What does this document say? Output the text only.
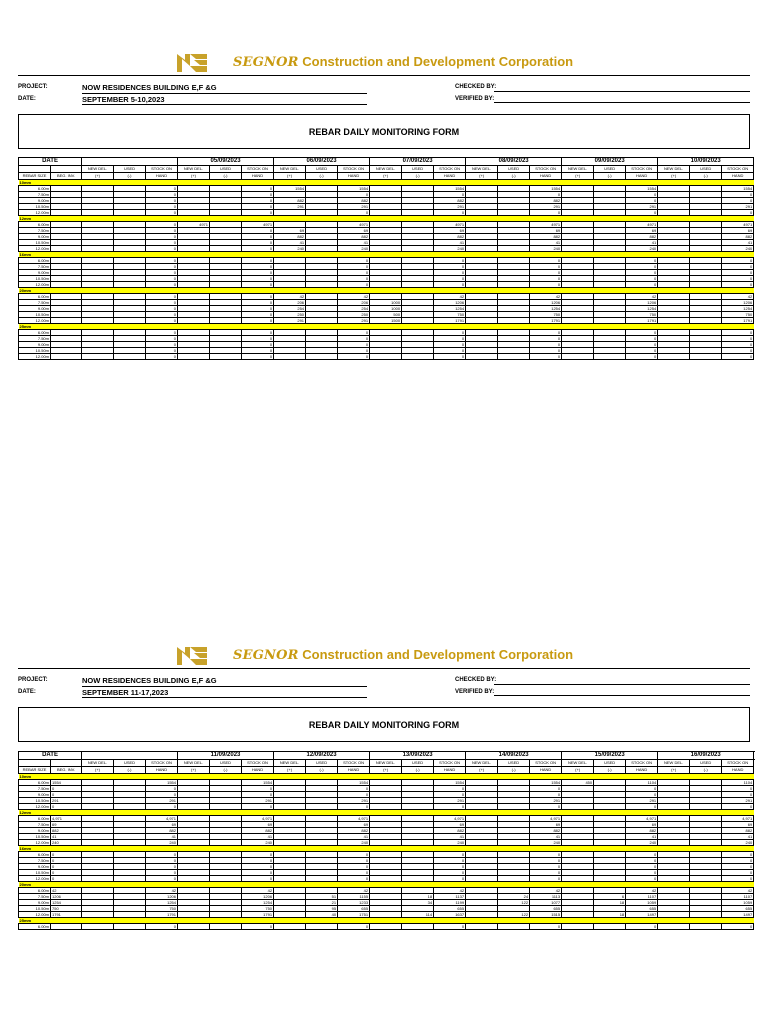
SEGNOR Construction and Development Corporation
PROJECT:	NOW RESIDENCES BUILDING E,F &G
DATE:	SEPTEMBER 5-10,2023
CHECKED BY:
VERIFIED BY:
REBAR DAILY MONITORING FORM
DATE					05/09/2023			06/09/2023			07/09/2023			08/09/2023			09/09/2023			10/09/2023		
		NEW DEL.	USED	STOCK ON	NEW DEL.	USED	STOCK ON	NEW DEL.	USED	STOCK ON	NEW DEL.	USED	STOCK ON	NEW DEL.	USED	STOCK ON	NEW DEL.	USED	STOCK ON	NEW DEL.	USED	STOCK ON
REBAR SIZE	BEG. INV.	(+)	(-)	HAND	(+)	(-)	HAND	(+)	(-)	HAND	(+)	(-)	HAND	(+)	(-)	HAND	(+)	(-)	HAND	(+)	(-)	HAND
10mm																						
6.00m				0			0	1554		1554			1554			1554			1554			1554
7.50m				0			0			0			0			0			0			0
9.00m				0			0	882		882			882			882			0			0
10.50m				0			0	291		291			291			291			291			291
12.00m				0			0			0			0			0			0			0
12mm																						
6.00m				0	4971		4971			4971			4971			4971			4971			4971
7.50m				0			0	69		69			69			69			69			69
9.00m				0			0	882		882			882			882			882			882
10.50m				0			0	41		41			41			41			41			41
12.00m				0			0	240		240			240			240			240			240
16mm																						
6.00m				0			0			0			0			0			0			0
7.50m				0			0			0			0			0			0			0
9.00m				0			0			0			0			0			0			0
10.50m				0			0			0			0			0			0			0
12.00m				0			0			0			0			0			0			0
20mm																						
6.00m				0			0	42		42			42			42			42			42
7.50m				0			0	206		206	1000		1206			1206			1206			1206
9.00m				0			0	254		254	1000		1254			1254			1254			1254
10.50m				0			0	250		250	500		750			750			750			750
12.00m				0			0	291		291	1500		1791			1791			1791			1791
25mm																						
6.00m				0			0			0			0			0			0			0
7.50m				0			0			0			0			0			0			0
9.00m				0			0			0			0			0			0			0
10.50m				0			0			0			0			0			0			0
12.00m				0			0			0			0			0			0			0
SEGNOR Construction and Development Corporation
PROJECT:	NOW RESIDENCES BUILDING E,F &G
DATE:	SEPTEMBER 11-17,2023
CHECKED BY:
VERIFIED BY:
REBAR DAILY MONITORING FORM
DATE					11/09/2023			12/09/2023			13/09/2023			14/09/2023			15/09/2023			16/09/2023	
		NEW DEL.	USED	STOCK ON	NEW DEL.	USED	STOCK ON	NEW DEL.	USED	STOCK ON	NEW DEL.	USED	STOCK ON	NEW DEL.	USED	STOCK ON	NEW DEL.	USED	STOCK ON	NEW DEL.	USED	STOCK ON	
REBAR SIZE	BEG. INV.	(+)	(-)	HAND	(+)	(-)	HAND	(+)	(-)	HAND	(+)	(-)	HAND	(+)	(-)	HAND	(+)	(-)	HAND	(+)	(-)	HAND	
10mm																							
6.00m	1554			1554			1554			1554			1554			1554	450		1104			1104	
7.50m	0			0			0			0			0			0			0			0	
9.00m	0			0			0			0			0			0			0			0	
10.50m	291			291			291			291			291			291			291			291	
12.00m	0			0			0			0			0			0			0			0	
12mm																							
6.00m	4,971			4,971			4,971			4,971			4,971			4,971			4,971			4,971	
7.50m	69			69			69			69			69			69			69			69	
9.00m	882			882			882			882			882			882			882			882	
10.50m	41			41			41			41			41			41			41			41	
12.00m	240			240			240			240			240			240			240			240	
16mm																							
6.00m	0			0			0			0			0			0			0			0	
7.50m	0			0			0			0			0			0			0			0	
9.00m	0			0			0			0			0			0			0			0	
10.50m	0			0			0			0			0			0			0			0	
12.00m	0			0			0			0			0			0			0			0	
20mm																							
6.00m	42			42			42			42			42			42			42			42	
7.50m	1206			1206			1206		51	1155		18	1137		24	1113		6	1107			1107	
9.00m	1254			1254			1254		21	1233		34	1199		122	1077		18	1059			1059	
10.50m	750			750			750		95	655			655			655			655			655	
12.00m	1791			1791			1791		40	1751		114	1637		122	1515		18	1497			1497	
25mm																							
6.00m				0			0			0			0			0			0			0	
